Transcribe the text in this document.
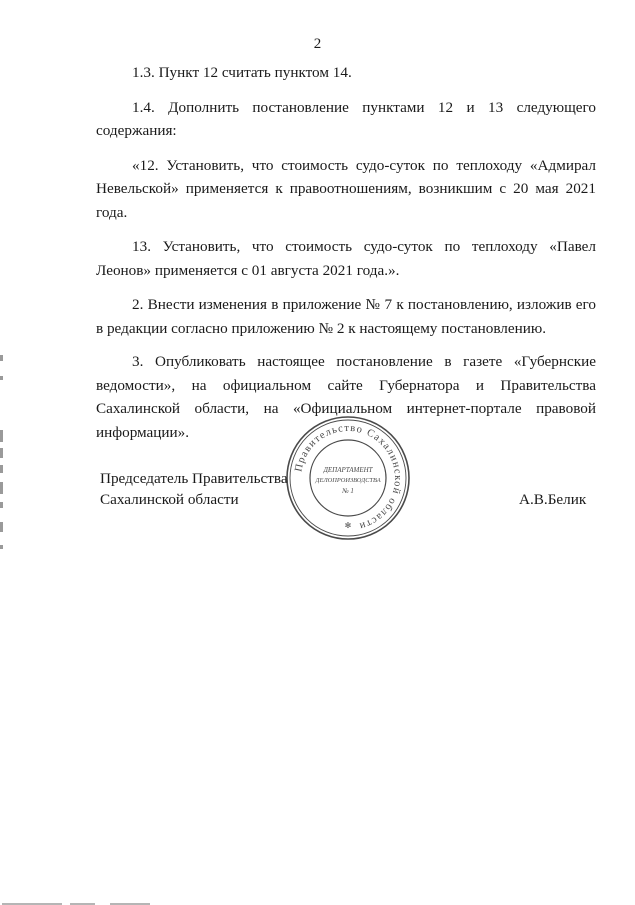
2

1.3. Пункт 12 считать пунктом 14.

1.4. Дополнить постановление пунктами 12 и 13 следующего содержания:

«12. Установить, что стоимость судо-суток по теплоходу «Адмирал Невельской» применяется к правоотношениям, возникшим с 20 мая 2021 года.

13. Установить, что стоимость судо-суток по теплоходу «Павел Леонов» применяется с 01 августа 2021 года.».

2. Внести изменения в приложение № 7 к постановлению, изложив его в редакции согласно приложению № 2 к настоящему постановлению.

3. Опубликовать настоящее постановление в газете «Губернские ведомости», на официальном сайте Губернатора и Правительства Сахалинской области, на «Официальном интернет-портале правовой информации».

Председатель Правительства
Сахалинской области	А.В.Белик
Правительство Сахалинской области
ДЕПАРТАМЕНТ
ДЕЛОПРОИЗВОДСТВА
№ 1
✻
